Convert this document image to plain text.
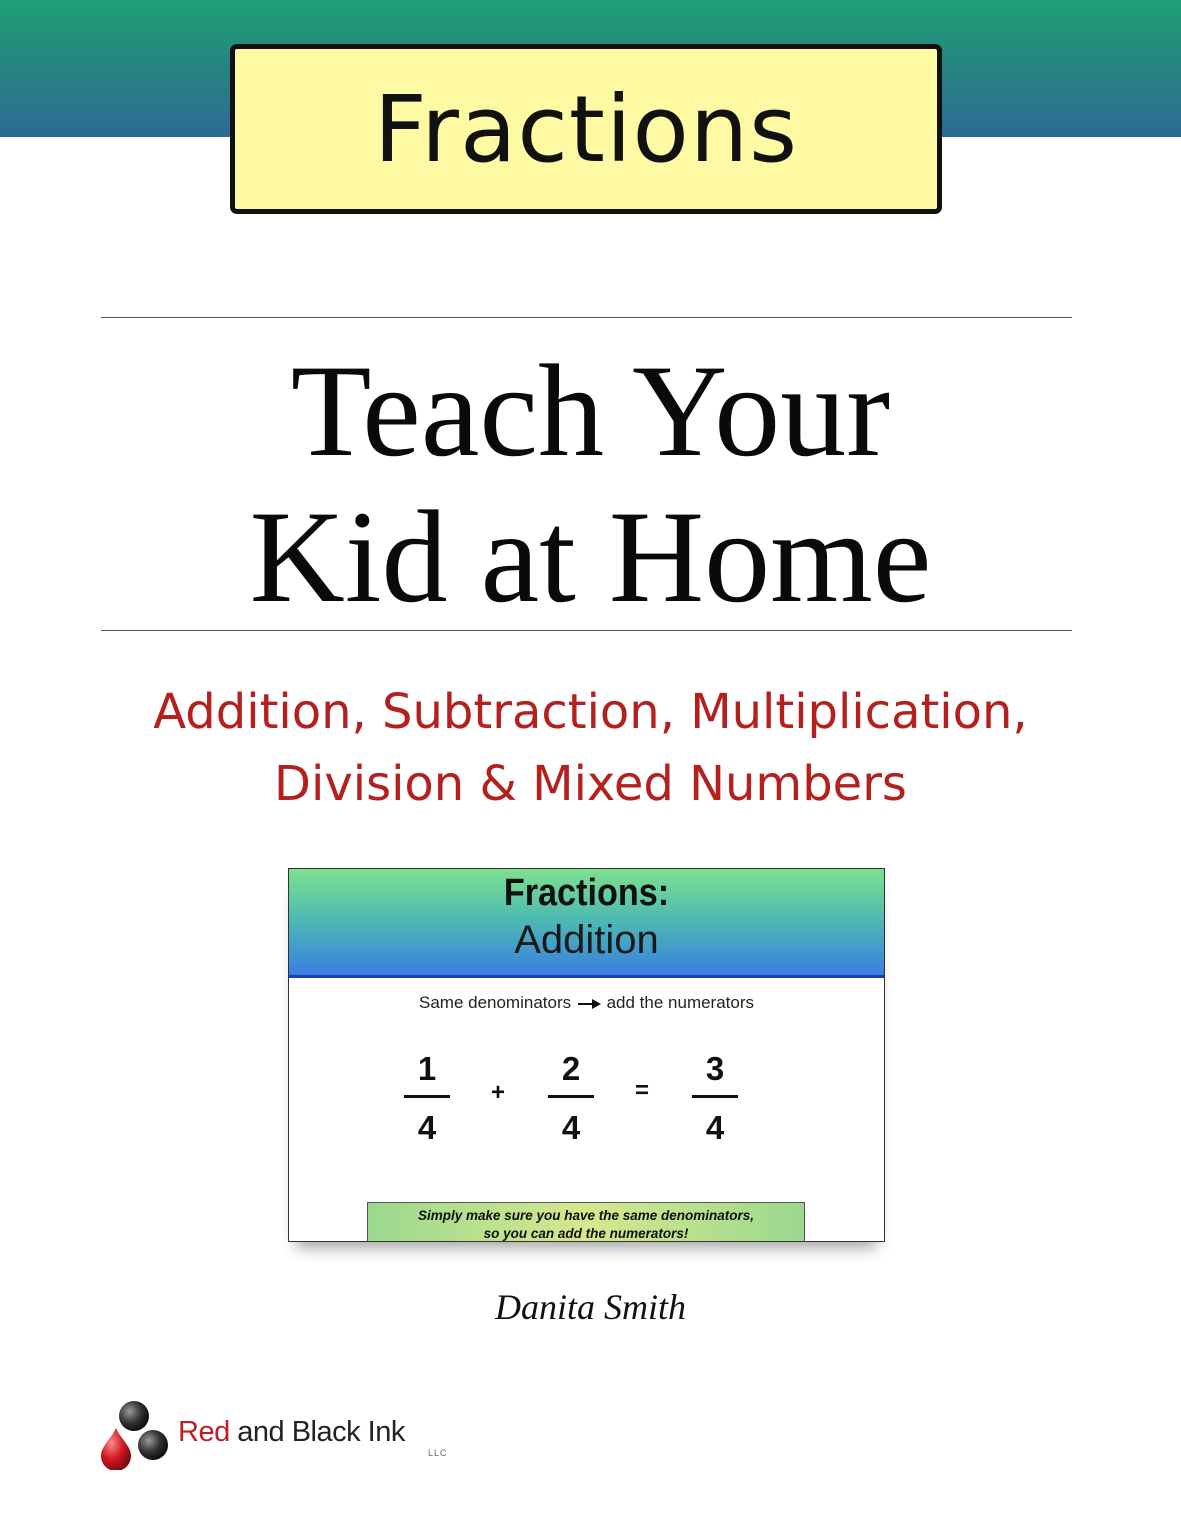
Fractions
Teach Your
Kid at Home
Addition, Subtraction, Multiplication,
Division & Mixed Numbers
Fractions:
Addition
Same denominators add the numerators
1
4
+
2
4
=
3
4
Simply make sure you have the same denominators,
so you can add the numerators!
Danita Smith
Red and Black Ink
LLC
